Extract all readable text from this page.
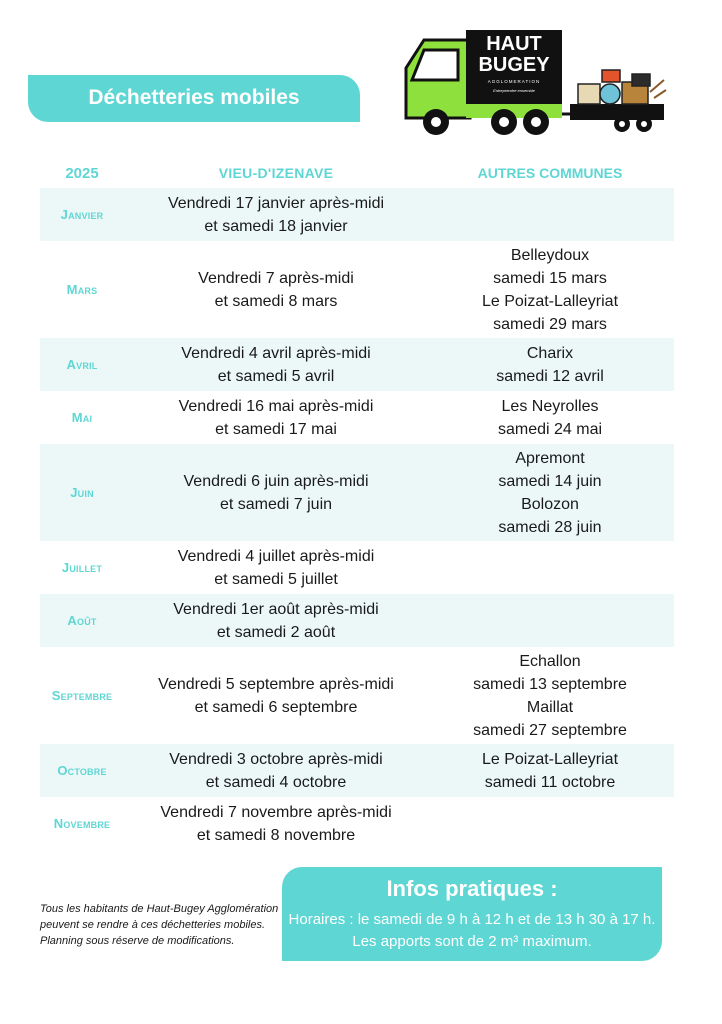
Déchetteries mobiles
HAUT
BUGEY
AGGLOMERATION
Entreprendre ensemble
2025	VIEU-D'IZENAVE	AUTRES COMMUNES
Janvier
Vendredi 17 janvier après-midi
et samedi 18 janvier
Mars
Vendredi 7 après-midi
et samedi 8 mars
Belleydoux
samedi 15 mars
Le Poizat-Lalleyriat
samedi 29 mars
Avril
Vendredi 4 avril après-midi
et samedi 5 avril
Charix
samedi 12 avril
Mai
Vendredi 16 mai après-midi
et samedi 17 mai
Les Neyrolles
samedi 24 mai
Juin
Vendredi 6 juin après-midi
et samedi 7 juin
Apremont
samedi 14 juin
Bolozon
samedi 28 juin
Juillet
Vendredi 4 juillet après-midi
et samedi 5 juillet
Août
Vendredi 1er août après-midi
et samedi 2 août
Septembre
Vendredi 5 septembre après-midi
et samedi 6 septembre
Echallon
samedi 13 septembre
Maillat
samedi 27 septembre
Octobre
Vendredi 3 octobre après-midi
et samedi 4 octobre
Le Poizat-Lalleyriat
samedi 11 octobre
Novembre
Vendredi 7 novembre après-midi
et samedi 8 novembre
Tous les habitants de Haut-Bugey Agglomération peuvent se rendre à ces déchetteries mobiles. Planning sous réserve de modifications.
Infos pratiques :
Horaires : le samedi de 9 h à 12 h et de 13 h 30 à 17 h.
Les apports sont de 2 m³ maximum.
